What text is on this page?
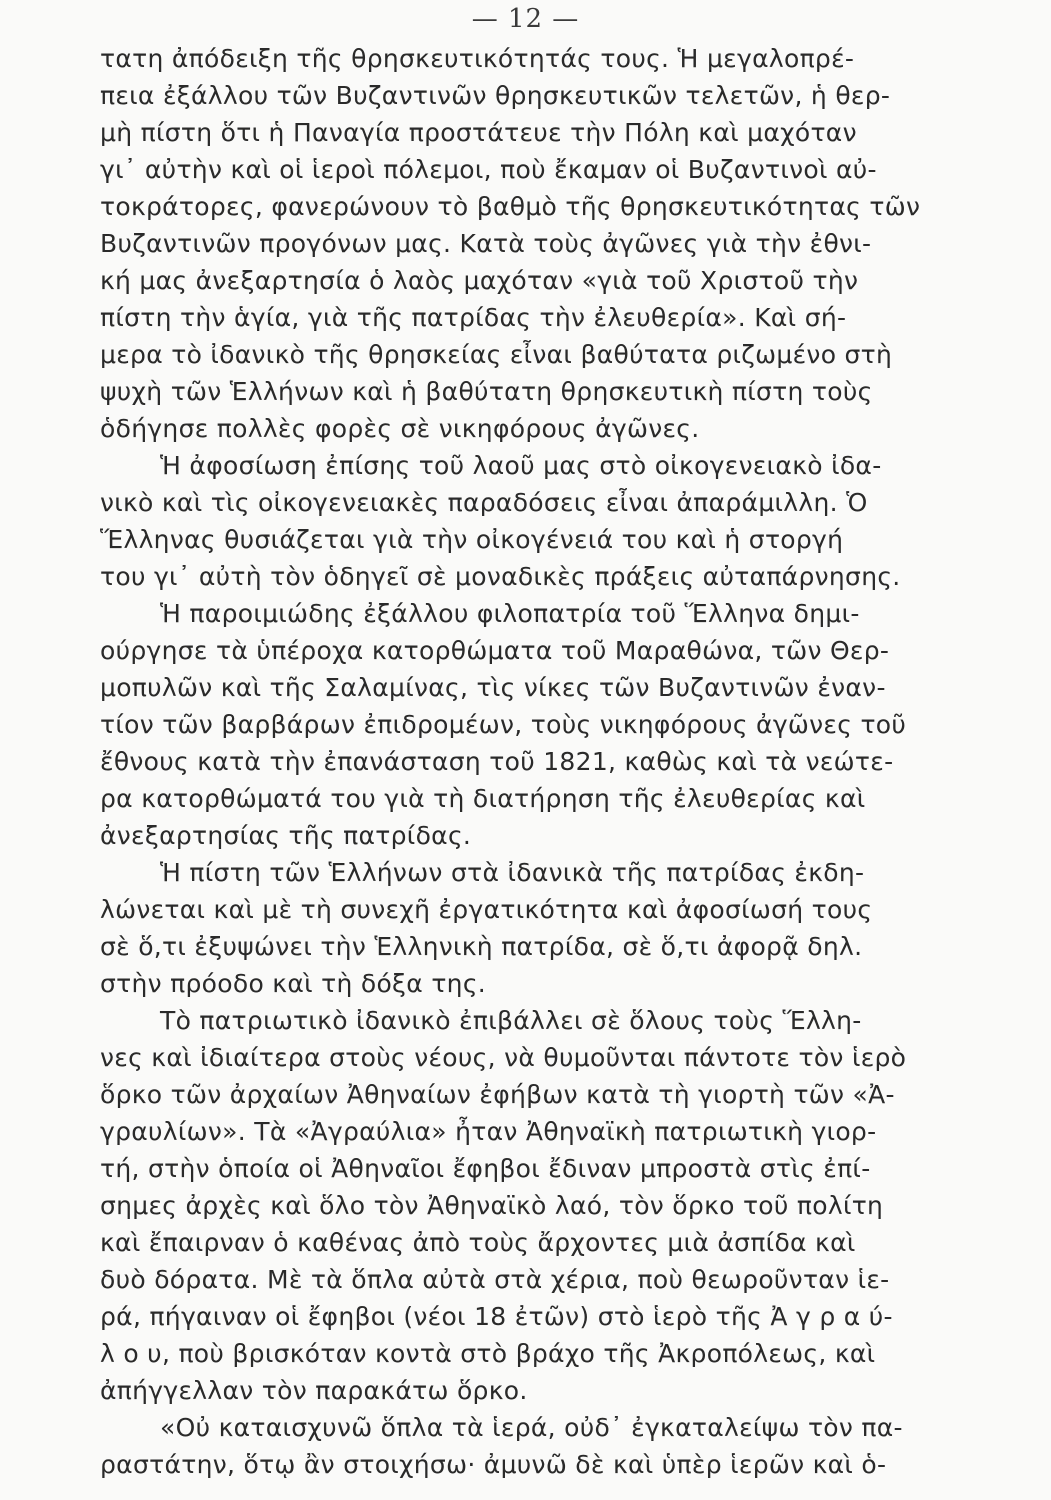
— 12 —
τατη ἀπόδειξη τῆς θρησκευτικότητάς τους. Ἡ μεγαλοπρέ-
πεια ἐξάλλου τῶν Βυζαντινῶν θρησκευτικῶν τελετῶν, ἡ θερ-
μὴ πίστη ὅτι ἡ Παναγία προστάτευε τὴν Πόλη καὶ μαχόταν
γι᾽ αὐτὴν καὶ οἱ ἱεροὶ πόλεμοι, ποὺ ἔκαμαν οἱ Βυζαντινοὶ αὐ-
τοκράτορες, φανερώνουν τὸ βαθμὸ τῆς θρησκευτικότητας τῶν
Βυζαντινῶν προγόνων μας. Κατὰ τοὺς ἀγῶνες γιὰ τὴν ἐθνι-
κή μας ἀνεξαρτησία ὁ λαὸς μαχόταν «γιὰ τοῦ Χριστοῦ τὴν
πίστη τὴν ἁγία, γιὰ τῆς πατρίδας τὴν ἐλευθερία». Καὶ σή-
μερα τὸ ἰδανικὸ τῆς θρησκείας εἶναι βαθύτατα ριζωμένο στὴ
ψυχὴ τῶν Ἑλλήνων καὶ ἡ βαθύτατη θρησκευτικὴ πίστη τοὺς
ὁδήγησε πολλὲς φορὲς σὲ νικηφόρους ἀγῶνες.
Ἡ ἀφοσίωση ἐπίσης τοῦ λαοῦ μας στὸ οἰκογενειακὸ ἰδα-
νικὸ καὶ τὶς οἰκογενειακὲς παραδόσεις εἶναι ἀπαράμιλλη. Ὁ
Ἕλληνας θυσιάζεται γιὰ τὴν οἰκογένειά του καὶ ἡ στοργή
του γι᾽ αὐτὴ τὸν ὁδηγεῖ σὲ μοναδικὲς πράξεις αὐταπάρνησης.
Ἡ παροιμιώδης ἐξάλλου φιλοπατρία τοῦ Ἕλληνα δημι-
ούργησε τὰ ὑπέροχα κατορθώματα τοῦ Μαραθώνα, τῶν Θερ-
μοπυλῶν καὶ τῆς Σαλαμίνας, τὶς νίκες τῶν Βυζαντινῶν ἐναν-
τίον τῶν βαρβάρων ἐπιδρομέων, τοὺς νικηφόρους ἀγῶνες τοῦ
ἔθνους κατὰ τὴν ἐπανάσταση τοῦ 1821, καθὼς καὶ τὰ νεώτε-
ρα κατορθώματά του γιὰ τὴ διατήρηση τῆς ἐλευθερίας καὶ
ἀνεξαρτησίας τῆς πατρίδας.
Ἡ πίστη τῶν Ἑλλήνων στὰ ἰδανικὰ τῆς πατρίδας ἐκδη-
λώνεται καὶ μὲ τὴ συνεχῆ ἐργατικότητα καὶ ἀφοσίωσή τους
σὲ ὅ,τι ἐξυψώνει τὴν Ἑλληνικὴ πατρίδα, σὲ ὅ,τι ἀφορᾷ δηλ.
στὴν πρόοδο καὶ τὴ δόξα της.
Τὸ πατριωτικὸ ἰδανικὸ ἐπιβάλλει σὲ ὅλους τοὺς Ἕλλη-
νες καὶ ἰδιαίτερα στοὺς νέους, νὰ θυμοῦνται πάντοτε τὸν ἱερὸ
ὅρκο τῶν ἀρχαίων Ἀθηναίων ἐφήβων κατὰ τὴ γιορτὴ τῶν «Ἀ-
γραυλίων». Τὰ «Ἀγραύλια» ἦταν Ἀθηναϊκὴ πατριωτικὴ γιορ-
τή, στὴν ὁποία οἱ Ἀθηναῖοι ἔφηβοι ἔδιναν μπροστὰ στὶς ἐπί-
σημες ἀρχὲς καὶ ὅλο τὸν Ἀθηναϊκὸ λαό, τὸν ὅρκο τοῦ πολίτη
καὶ ἔπαιρναν ὁ καθένας ἀπὸ τοὺς ἄρχοντες μιὰ ἀσπίδα καὶ
δυὸ δόρατα. Μὲ τὰ ὅπλα αὐτὰ στὰ χέρια, ποὺ θεωροῦνταν ἱε-
ρά, πήγαιναν οἱ ἔφηβοι (νέοι 18 ἐτῶν) στὸ ἱερὸ τῆς Ἀ γ ρ α ύ-
λ ο υ, ποὺ βρισκόταν κοντὰ στὸ βράχο τῆς Ἀκροπόλεως, καὶ
ἀπήγγελλαν τὸν παρακάτω ὅρκο.
«Οὐ καταισχυνῶ ὅπλα τὰ ἱερά, οὐδ᾽ ἐγκαταλείψω τὸν πα-
ραστάτην, ὅτῳ ἂν στοιχήσω· ἀμυνῶ δὲ καὶ ὑπὲρ ἱερῶν καὶ ὁ-
